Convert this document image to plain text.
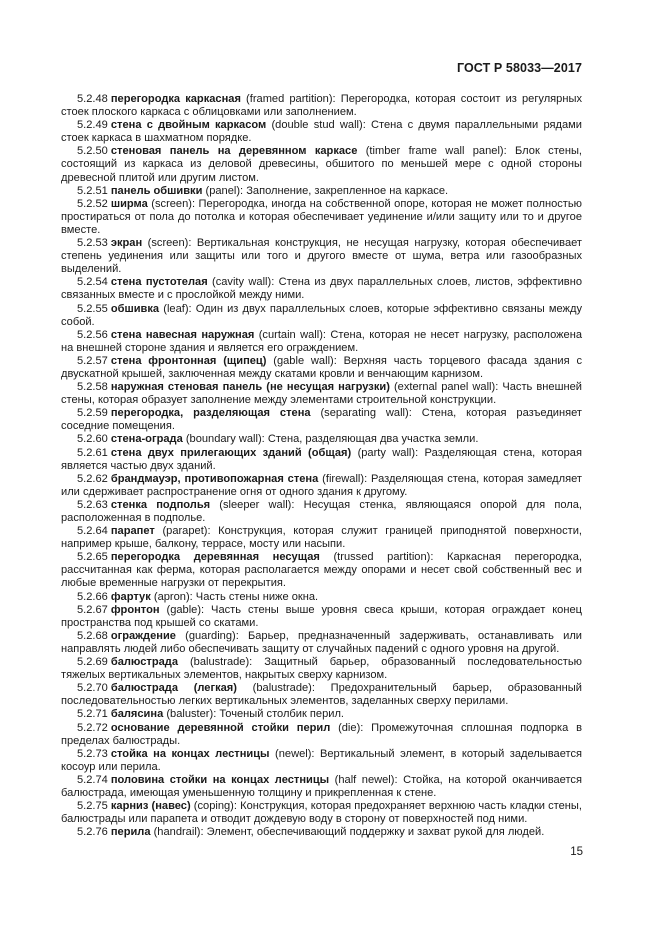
ГОСТ Р 58033—2017

5.2.48 перегородка каркасная (framed partition): Перегородка, которая состоит из регулярных стоек плоского каркаса с облицовками или заполнением.

5.2.49 стена с двойным каркасом (double stud wall): Стена с двумя параллельными рядами стоек каркаса в шахматном порядке.

5.2.50 стеновая панель на деревянном каркасе (timber frame wall panel): Блок стены, состоящий из каркаса из деловой древесины, обшитого по меньшей мере с одной стороны древесной плитой или другим листом.

5.2.51 панель обшивки (panel): Заполнение, закрепленное на каркасе.

5.2.52 ширма (screen): Перегородка, иногда на собственной опоре, которая не может полностью простираться от пола до потолка и которая обеспечивает уединение и/или защиту или то и другое вместе.

5.2.53 экран (screen): Вертикальная конструкция, не несущая нагрузку, которая обеспечивает степень уединения или защиты или того и другого вместе от шума, ветра или газообразных выделений.

5.2.54 стена пустотелая (cavity wall): Стена из двух параллельных слоев, листов, эффективно связанных вместе и с прослойкой между ними.

5.2.55 обшивка (leaf): Один из двух параллельных слоев, которые эффективно связаны между собой.

5.2.56 стена навесная наружная (curtain wall): Стена, которая не несет нагрузку, расположена на внешней стороне здания и является его ограждением.

5.2.57 стена фронтонная (щипец) (gable wall): Верхняя часть торцевого фасада здания с двускатной крышей, заключенная между скатами кровли и венчающим карнизом.

5.2.58 наружная стеновая панель (не несущая нагрузки) (external panel wall): Часть внешней стены, которая образует заполнение между элементами строительной конструкции.

5.2.59 перегородка, разделяющая стена (separating wall): Стена, которая разъединяет соседние помещения.

5.2.60 стена-ограда (boundary wall): Стена, разделяющая два участка земли.

5.2.61 стена двух прилегающих зданий (общая) (party wall): Разделяющая стена, которая является частью двух зданий.

5.2.62 брандмауэр, противопожарная стена (firewall): Разделяющая стена, которая замедляет или сдерживает распространение огня от одного здания к другому.

5.2.63 стенка подполья (sleeper wall): Несущая стенка, являющаяся опорой для пола, расположенная в подполье.

5.2.64 парапет (parapet): Конструкция, которая служит границей приподнятой поверхности, например крыше, балкону, террасе, мосту или насыпи.

5.2.65 перегородка деревянная несущая (trussed partition): Каркасная перегородка, рассчитанная как ферма, которая располагается между опорами и несет свой собственный вес и любые временные нагрузки от перекрытия.

5.2.66 фартук (apron): Часть стены ниже окна.

5.2.67 фронтон (gable): Часть стены выше уровня свеса крыши, которая ограждает конец пространства под крышей со скатами.

5.2.68 ограждение (guarding): Барьер, предназначенный задерживать, останавливать или направлять людей либо обеспечивать защиту от случайных падений с одного уровня на другой.

5.2.69 балюстрада (balustrade): Защитный барьер, образованный последовательностью тяжелых вертикальных элементов, накрытых сверху карнизом.

5.2.70 балюстрада (легкая) (balustrade): Предохранительный барьер, образованный последовательностью легких вертикальных элементов, заделанных сверху перилами.

5.2.71 балясина (baluster): Точеный столбик перил.

5.2.72 основание деревянной стойки перил (die): Промежуточная сплошная подпорка в пределах балюстрады.

5.2.73 стойка на концах лестницы (newel): Вертикальный элемент, в который заделывается косоур или перила.

5.2.74 половина стойки на концах лестницы (half newel): Стойка, на которой оканчивается балюстрада, имеющая уменьшенную толщину и прикрепленная к стене.

5.2.75 карниз (навес) (coping): Конструкция, которая предохраняет верхнюю часть кладки стены, балюстрады или парапета и отводит дождевую воду в сторону от поверхностей под ними.

5.2.76 перила (handrail): Элемент, обеспечивающий поддержку и захват рукой для людей.

15
